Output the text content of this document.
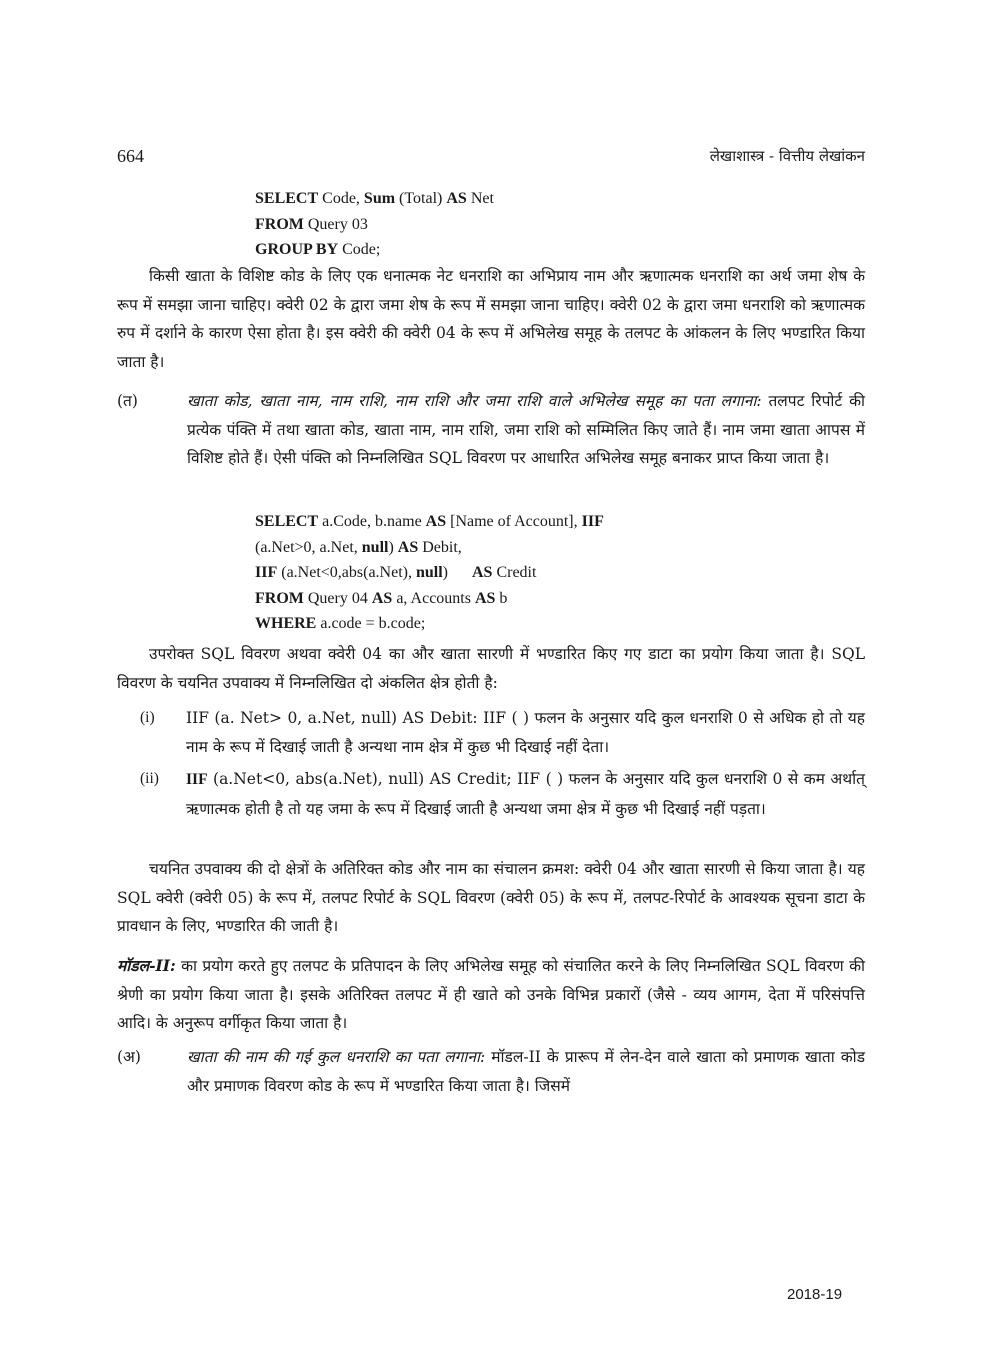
664	लेखाशास्त्र - वित्तीय लेखांकन
SELECT Code, Sum (Total) AS Net
FROM Query 03
GROUP BY Code;
किसी खाता के विशिष्ट कोड के लिए एक धनात्मक नेट धनराशि का अभिप्राय नाम और ऋणात्मक धनराशि का अर्थ जमा शेष के रूप में समझा जाना चाहिए। क्वेरी 02 के द्वारा जमा शेष के रूप में समझा जाना चाहिए। क्वेरी 02 के द्वारा जमा धनराशि को ऋणात्मक रुप में दर्शाने के कारण ऐसा होता है। इस क्वेरी की क्वेरी 04 के रूप में अभिलेख समूह के तलपट के आंकलन के लिए भण्डारित किया जाता है।
(त)	खाता कोड, खाता नाम, नाम राशि, नाम राशि और जमा राशि वाले अभिलेख समूह का पता लगाना: तलपट रिपोर्ट की प्रत्येक पंक्ति में तथा खाता कोड, खाता नाम, नाम राशि, जमा राशि को सम्मिलित किए जाते हैं। नाम जमा खाता आपस में विशिष्ट होते हैं। ऐसी पंक्ति को निम्नलिखित SQL विवरण पर आधारित अभिलेख समूह बनाकर प्राप्त किया जाता है।
SELECT a.Code, b.name AS [Name of Account], IIF
(a.Net>0, a.Net, null) AS Debit,
IIF (a.Net<0,abs(a.Net), null)      AS Credit
FROM Query 04 AS a, Accounts AS b
WHERE a.code = b.code;
उपरोक्त SQL विवरण अथवा क्वेरी 04 का और खाता सारणी में भण्डारित किए गए डाटा का प्रयोग किया जाता है। SQL विवरण के चयनित उपवाक्य में निम्नलिखित दो अंकलित क्षेत्र होती है:
(i) IIF (a. Net> 0, a.Net, null) AS Debit: IIF ( ) फलन के अनुसार यदि कुल धनराशि 0 से अधिक हो तो यह नाम के रूप में दिखाई जाती है अन्यथा नाम क्षेत्र में कुछ भी दिखाई नहीं देता।
(ii) IIF (a.Net<0, abs(a.Net), null) AS Credit; IIF ( ) फलन के अनुसार यदि कुल धनराशि 0 से कम अर्थात् ऋणात्मक होती है तो यह जमा के रूप में दिखाई जाती है अन्यथा जमा क्षेत्र में कुछ भी दिखाई नहीं पड़ता।
चयनित उपवाक्य की दो क्षेत्रों के अतिरिक्त कोड और नाम का संचालन क्रमश: क्वेरी 04 और खाता सारणी से किया जाता है। यह SQL क्वेरी (क्वेरी 05) के रूप में, तलपट रिपोर्ट के SQL विवरण (क्वेरी 05) के रूप में, तलपट-रिपोर्ट के आवश्यक सूचना डाटा के प्रावधान के लिए, भण्डारित की जाती है।
मॉडल-II: का प्रयोग करते हुए तलपट के प्रतिपादन के लिए अभिलेख समूह को संचालित करने के लिए निम्नलिखित SQL विवरण की श्रेणी का प्रयोग किया जाता है। इसके अतिरिक्त तलपट में ही खाते को उनके विभिन्न प्रकारों (जैसे - व्यय आगम, देता में परिसंपत्ति आदि। के अनुरूप वर्गीकृत किया जाता है।
(अ)	खाता की नाम की गई कुल धनराशि का पता लगाना: मॉडल-II के प्रारूप में लेन-देन वाले खाता को प्रमाणक खाता कोड और प्रमाणक विवरण कोड के रूप में भण्डारित किया जाता है। जिसमें
2018-19
